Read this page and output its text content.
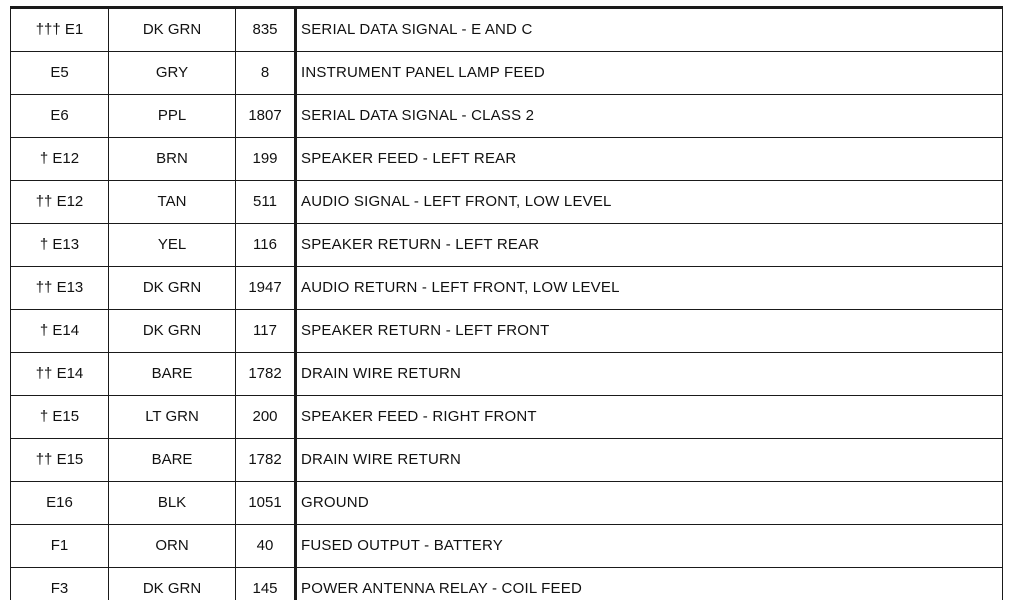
††† E1	DK GRN	835	SERIAL DATA SIGNAL - E AND C
E5	GRY	8	INSTRUMENT PANEL LAMP FEED
E6	PPL	1807	SERIAL DATA SIGNAL - CLASS 2
† E12	BRN	199	SPEAKER FEED - LEFT REAR
†† E12	TAN	511	AUDIO SIGNAL - LEFT FRONT, LOW LEVEL
† E13	YEL	116	SPEAKER RETURN - LEFT REAR
†† E13	DK GRN	1947	AUDIO RETURN - LEFT FRONT, LOW LEVEL
† E14	DK GRN	117	SPEAKER RETURN - LEFT FRONT
†† E14	BARE	1782	DRAIN WIRE RETURN
† E15	LT GRN	200	SPEAKER FEED - RIGHT FRONT
†† E15	BARE	1782	DRAIN WIRE RETURN
E16	BLK	1051	GROUND
F1	ORN	40	FUSED OUTPUT - BATTERY
F3	DK GRN	145	POWER ANTENNA RELAY - COIL FEED
